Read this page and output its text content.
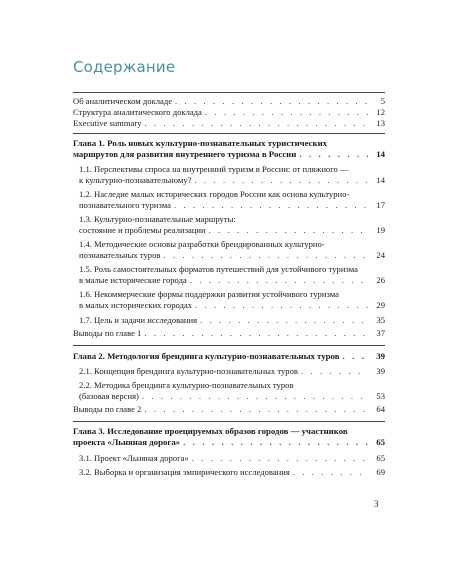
Содержание
Об аналитическом докладе . . .	5
Структура аналитического доклада . . .	12
Executive summary . . .	13
Глава 1. Роль новых культурно-познавательных туристических
маршрутов для развития внутреннего туризма в России . . .	14
1.1. Перспективы спроса на внутренний туризм в России: от пляжного —
к культурно-познавательному? . . .	14
1.2. Наследие малых исторических городов России как основа культурно-
познавательного туризма . . .	17
1.3. Культурно-познавательные маршруты:
состояние и проблемы реализации . . .	19
1.4. Методические основы разработки брендированных культурно-
познавательных туров . . .	24
1.5. Роль самостоятельных форматов путешествий для устойчивого туризма
в малые исторические города . . .	26
1.6. Некоммерческие формы поддержки развития устойчивого туризма
в малых исторических городах . . .	29
1.7. Цель и задачи исследования . . .	35
Выводы по главе 1 . . .	37
Глава 2. Методология брендинга культурно-познавательных туров . . .	39
2.1. Концепция брендинга культурно-познавательных туров . . .	39
2.2. Методика брендинга культурно-познавательных туров
(базовая версия) . . .	53
Выводы по главе 2 . . .	64
Глава 3. Исследование проецируемых образов городов — участников
проекта «Льняная дорога» . . .	65
3.1. Проект «Льняная дорога» . . .	65
3.2. Выборка и организация эмпирического исследования . . .	69
3
